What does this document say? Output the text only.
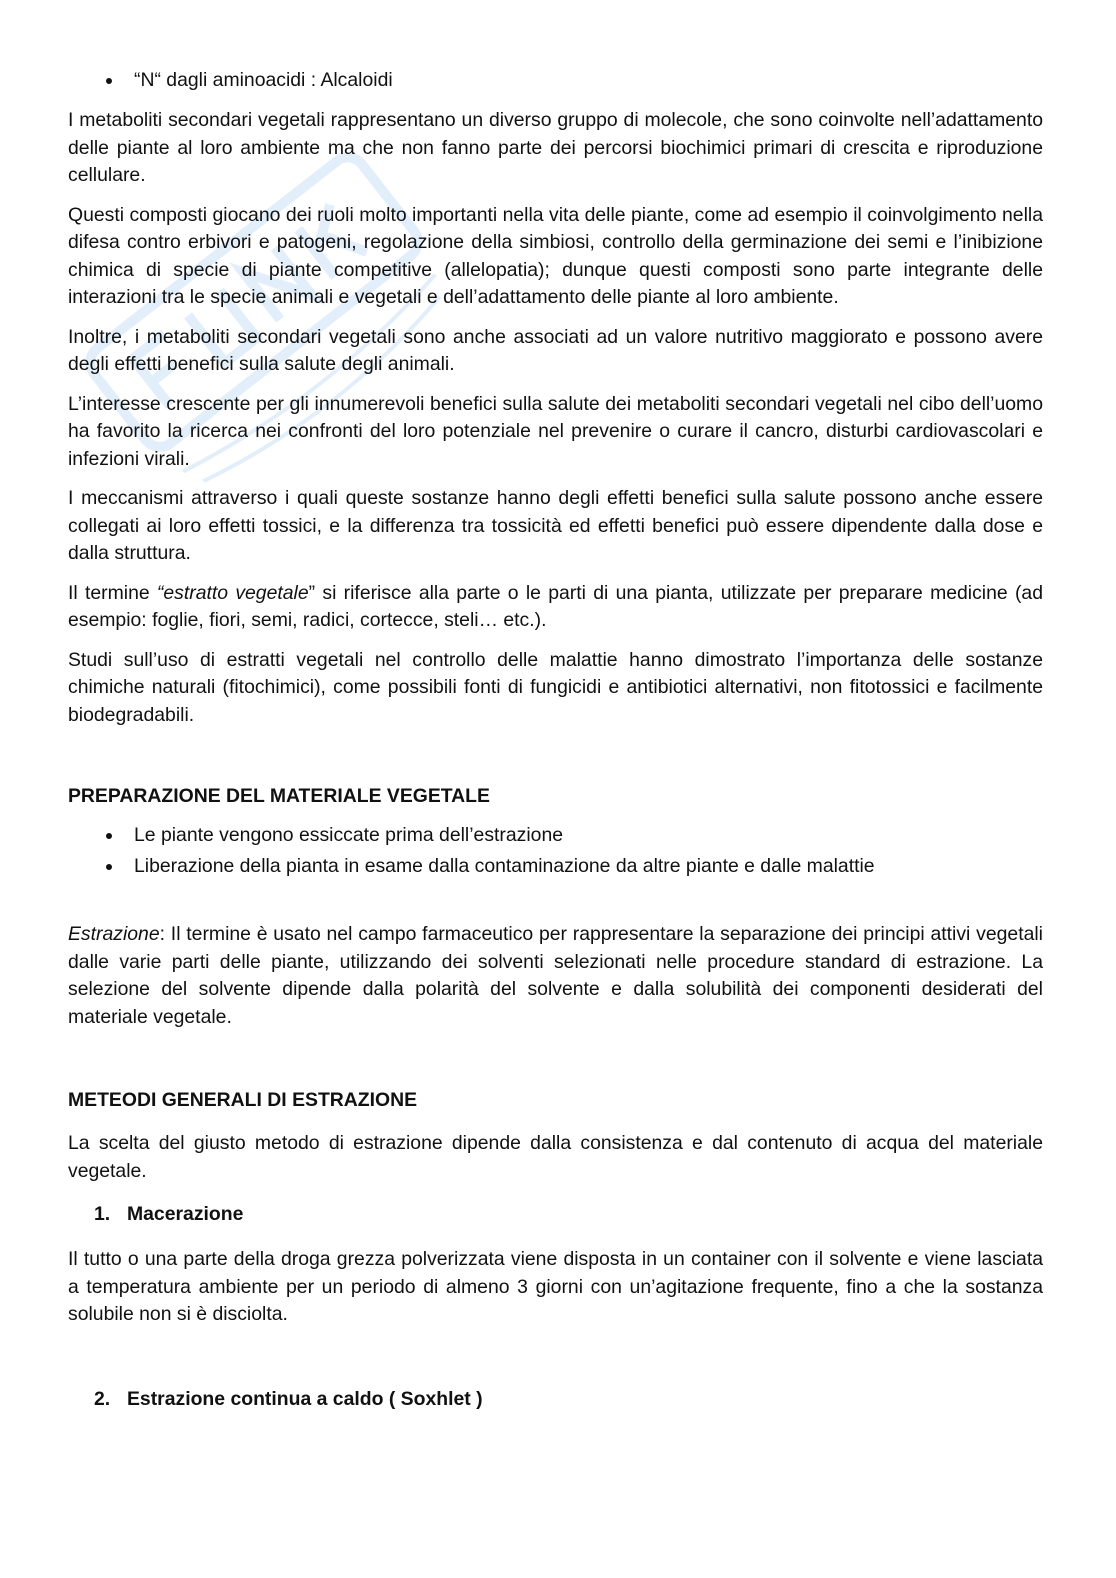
“N“ dagli aminoacidi : Alcaloidi

I metaboliti secondari vegetali rappresentano un diverso gruppo di molecole, che sono coinvolte nell’adattamento delle piante al loro ambiente ma che non fanno parte dei percorsi biochimici primari di crescita e riproduzione cellulare.

Questi composti giocano dei ruoli molto importanti nella vita delle piante, come ad esempio il coinvolgimento nella difesa contro erbivori e patogeni, regolazione della simbiosi, controllo della germinazione dei semi e l’inibizione chimica di specie di piante competitive (allelopatia); dunque questi composti sono parte integrante delle interazioni tra le specie animali e vegetali e dell’adattamento delle piante al loro ambiente.

Inoltre, i metaboliti secondari vegetali sono anche associati ad un valore nutritivo maggiorato e possono avere degli effetti benefici sulla salute degli animali.

L’interesse crescente per gli innumerevoli benefici sulla salute dei metaboliti secondari vegetali nel cibo dell’uomo ha favorito la ricerca nei confronti del loro potenziale nel prevenire o curare il cancro, disturbi cardiovascolari e infezioni virali.

I meccanismi attraverso i quali queste sostanze hanno degli effetti benefici sulla salute possono anche essere collegati ai loro effetti tossici, e la differenza tra tossicità ed effetti benefici può essere dipendente dalla dose e dalla struttura.

Il termine “estratto vegetale” si riferisce alla parte o le parti di una pianta, utilizzate per preparare medicine (ad esempio: foglie, fiori, semi, radici, cortecce, steli… etc.).

Studi sull’uso di estratti vegetali nel controllo delle malattie hanno dimostrato l’importanza delle sostanze chimiche naturali (fitochimici), come possibili fonti di fungicidi e antibiotici alternativi, non fitotossici e facilmente biodegradabili.

PREPARAZIONE DEL MATERIALE VEGETALE
Le piante vengono essiccate prima dell’estrazione
Liberazione della pianta in esame dalla contaminazione da altre piante e dalle malattie

Estrazione: Il termine è usato nel campo farmaceutico per rappresentare la separazione dei principi attivi vegetali dalle varie parti delle piante, utilizzando dei solventi selezionati nelle procedure standard di estrazione. La selezione del solvente dipende dalla polarità del solvente e dalla solubilità dei componenti desiderati del materiale vegetale.

METEODI GENERALI DI ESTRAZIONE

La scelta del giusto metodo di estrazione dipende dalla consistenza e dal contenuto di acqua del materiale vegetale.

1. Macerazione

Il tutto o una parte della droga grezza polverizzata viene disposta in un container con il solvente e viene lasciata a temperatura ambiente per un periodo di almeno 3 giorni con un’agitazione frequente, fino a che la sostanza solubile non si è disciolta.

2. Estrazione continua a caldo ( Soxhlet )
